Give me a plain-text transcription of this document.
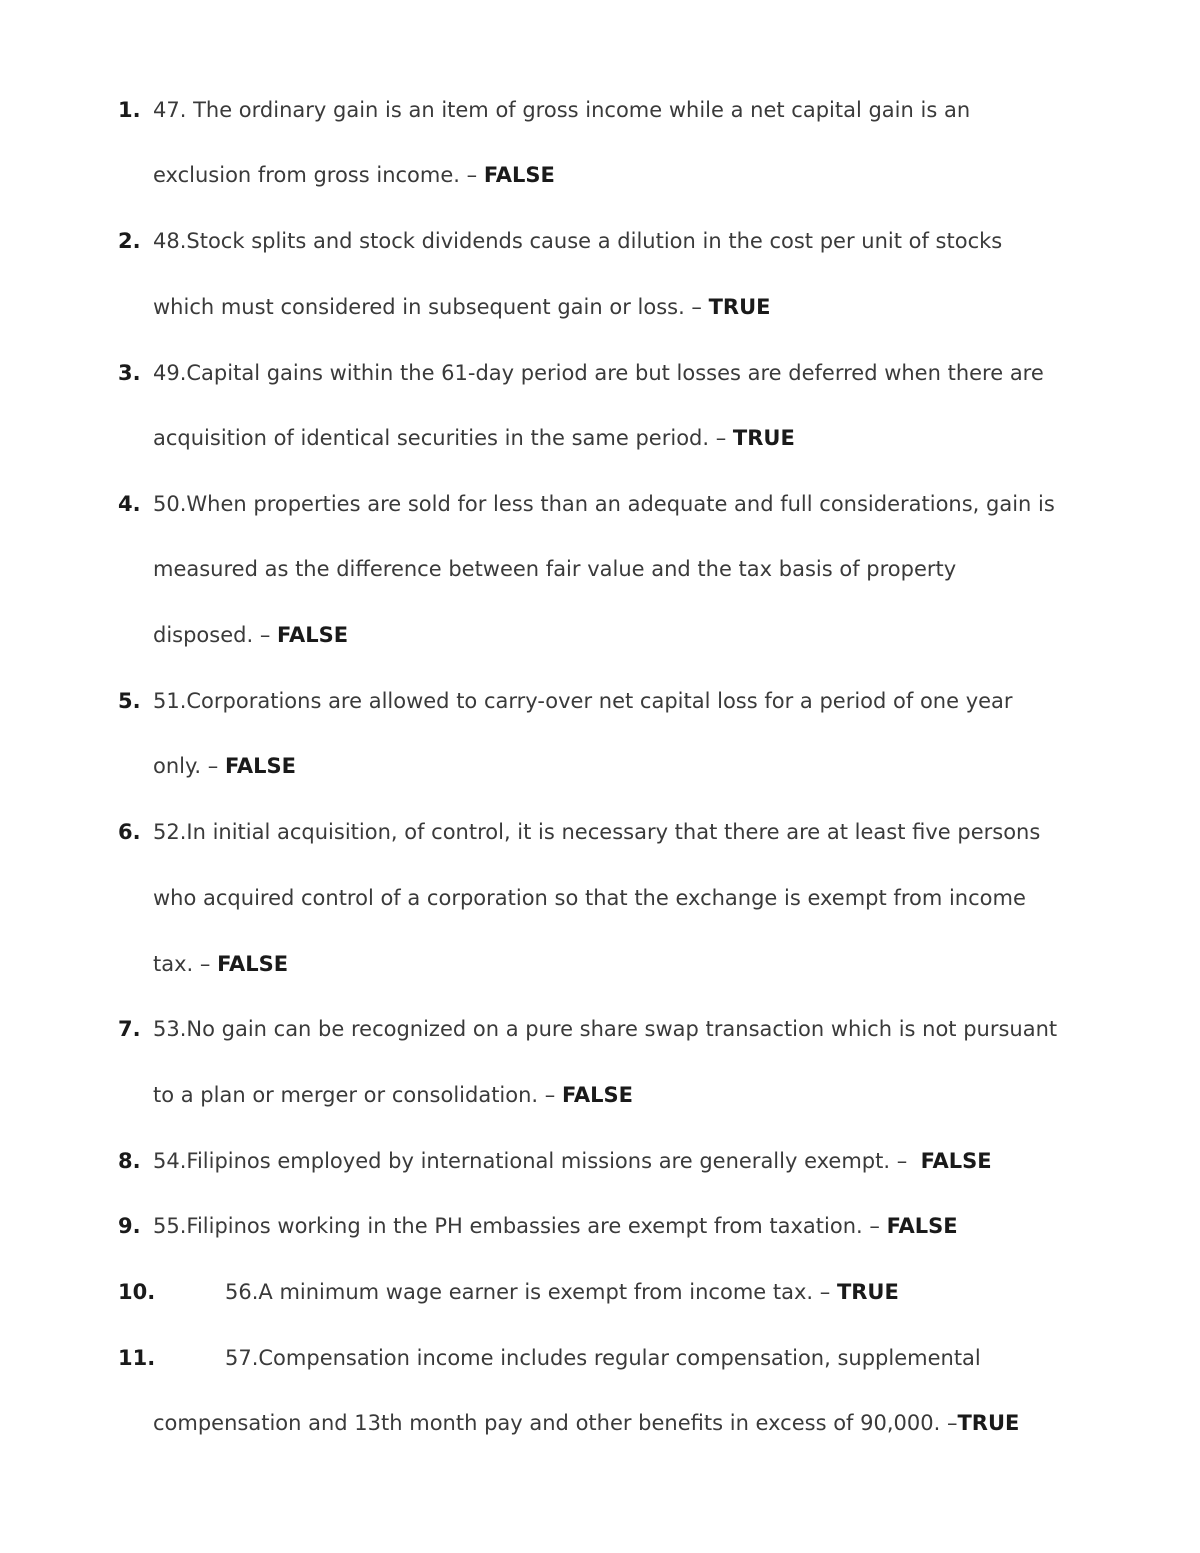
1. 47. The ordinary gain is an item of gross income while a net capital gain is an
exclusion from gross income. – FALSE
2. 48.Stock splits and stock dividends cause a dilution in the cost per unit of stocks
which must considered in subsequent gain or loss. – TRUE
3. 49.Capital gains within the 61-day period are but losses are deferred when there are
acquisition of identical securities in the same period. – TRUE
4. 50.When properties are sold for less than an adequate and full considerations, gain is
measured as the difference between fair value and the tax basis of property
disposed. – FALSE
5. 51.Corporations are allowed to carry-over net capital loss for a period of one year
only. – FALSE
6. 52.In initial acquisition, of control, it is necessary that there are at least five persons
who acquired control of a corporation so that the exchange is exempt from income
tax. – FALSE
7. 53.No gain can be recognized on a pure share swap transaction which is not pursuant
to a plan or merger or consolidation. – FALSE
8. 54.Filipinos employed by international missions are generally exempt. –  FALSE
9. 55.Filipinos working in the PH embassies are exempt from taxation. – FALSE
10.	56.A minimum wage earner is exempt from income tax. – TRUE
11.	57.Compensation income includes regular compensation, supplemental
compensation and 13th month pay and other benefits in excess of 90,000. –TRUE
